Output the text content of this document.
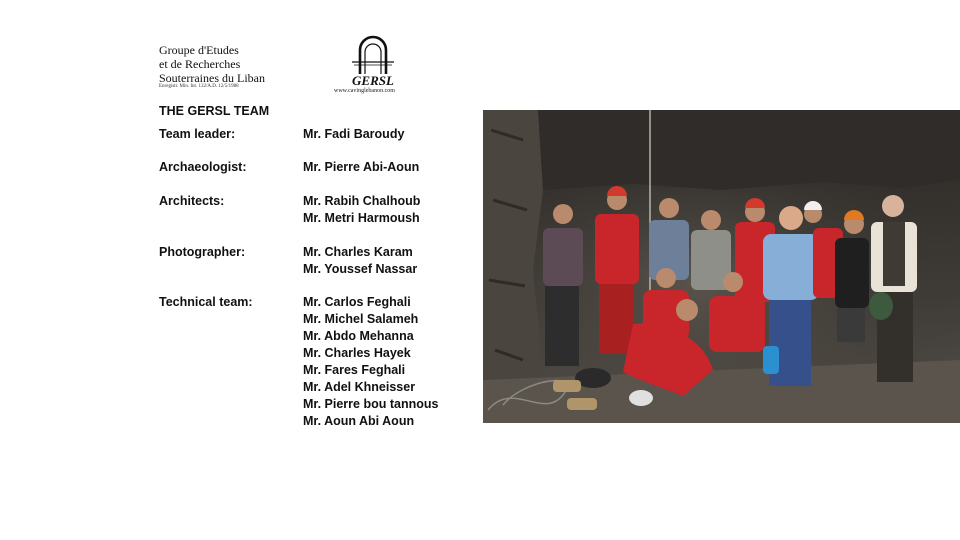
Groupe d'Etudes
et de Recherches
Souterraines du Liban
Enregistr. Min. Int. 132/A.D. 12/5/1988	GERSL
www.cavinglebanon.com
THE GERSL TEAM
Team leader:	Mr. Fadi Baroudy
Archaeologist:	Mr. Pierre Abi-Aoun
Architects:	Mr. Rabih Chalhoub
Mr. Metri Harmoush
Photographer:	Mr. Charles Karam
Mr. Youssef Nassar
Technical team:	Mr. Carlos Feghali
Mr. Michel Salameh
Mr. Abdo Mehanna
Mr. Charles Hayek
Mr. Fares Feghali
Mr. Adel Khneisser
Mr. Pierre bou tannous
Mr. Aoun Abi Aoun
